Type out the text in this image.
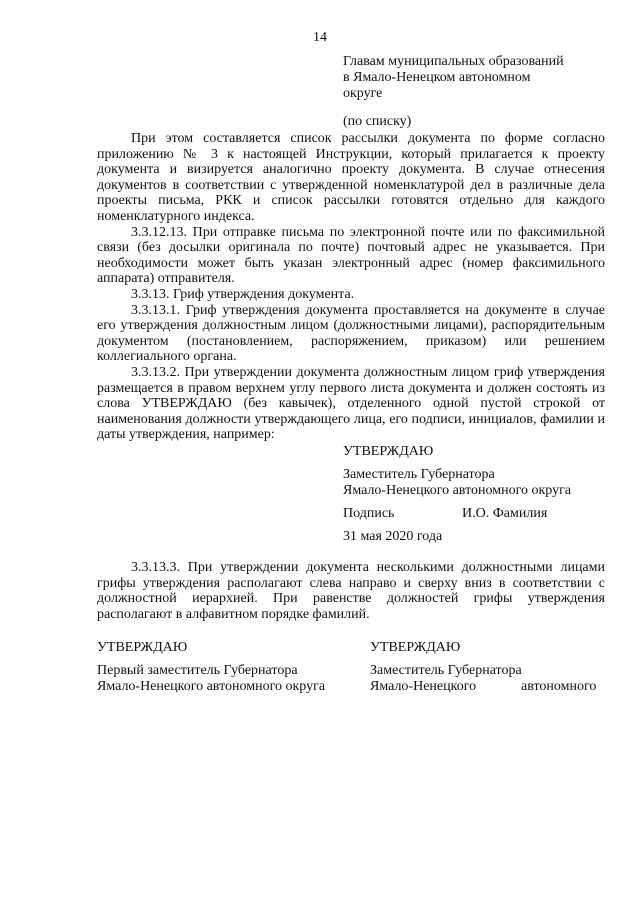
14
Главам муниципальных образований
в Ямало-Ненецком автономном
округе
(по списку)

При этом составляется список рассылки документа по форме согласно приложению № 3 к настоящей Инструкции, который прилагается к проекту документа и визируется аналогично проекту документа. В случае отнесения документов в соответствии с утвержденной номенклатурой дел в различные дела проекты письма, РКК и список рассылки готовятся отдельно для каждого номенклатурного индекса.

3.3.12.13. При отправке письма по электронной почте или по факсимильной связи (без досылки оригинала по почте) почтовый адрес не указывается. При необходимости может быть указан электронный адрес (номер факсимильного аппарата) отправителя.

3.3.13. Гриф утверждения документа.

3.3.13.1. Гриф утверждения документа проставляется на документе в случае его утверждения должностным лицом (должностными лицами), распорядительным документом (постановлением, распоряжением, приказом) или решением коллегиального органа.

3.3.13.2. При утверждении документа должностным лицом гриф утверждения размещается в правом верхнем углу первого листа документа и должен состоять из слова УТВЕРЖДАЮ (без кавычек), отделенного одной пустой строкой от наименования должности утверждающего лица, его подписи, инициалов, фамилии и даты утверждения, например:

УТВЕРЖДАЮ
Заместитель Губернатора
Ямало-Ненецкого автономного округа
Подпись	И.О. Фамилия
31 мая 2020 года

3.3.13.3. При утверждении документа несколькими должностными лицами грифы утверждения располагают слева направо и сверху вниз в соответствии с должностной иерархией. При равенстве должностей грифы утверждения располагают в алфавитном порядке фамилий.

УТВЕРЖДАЮ
Первый заместитель Губернатора
Ямало-Ненецкого автономного округа
УТВЕРЖДАЮ
Заместитель Губернатора
Ямало-Ненецкого	автономного
